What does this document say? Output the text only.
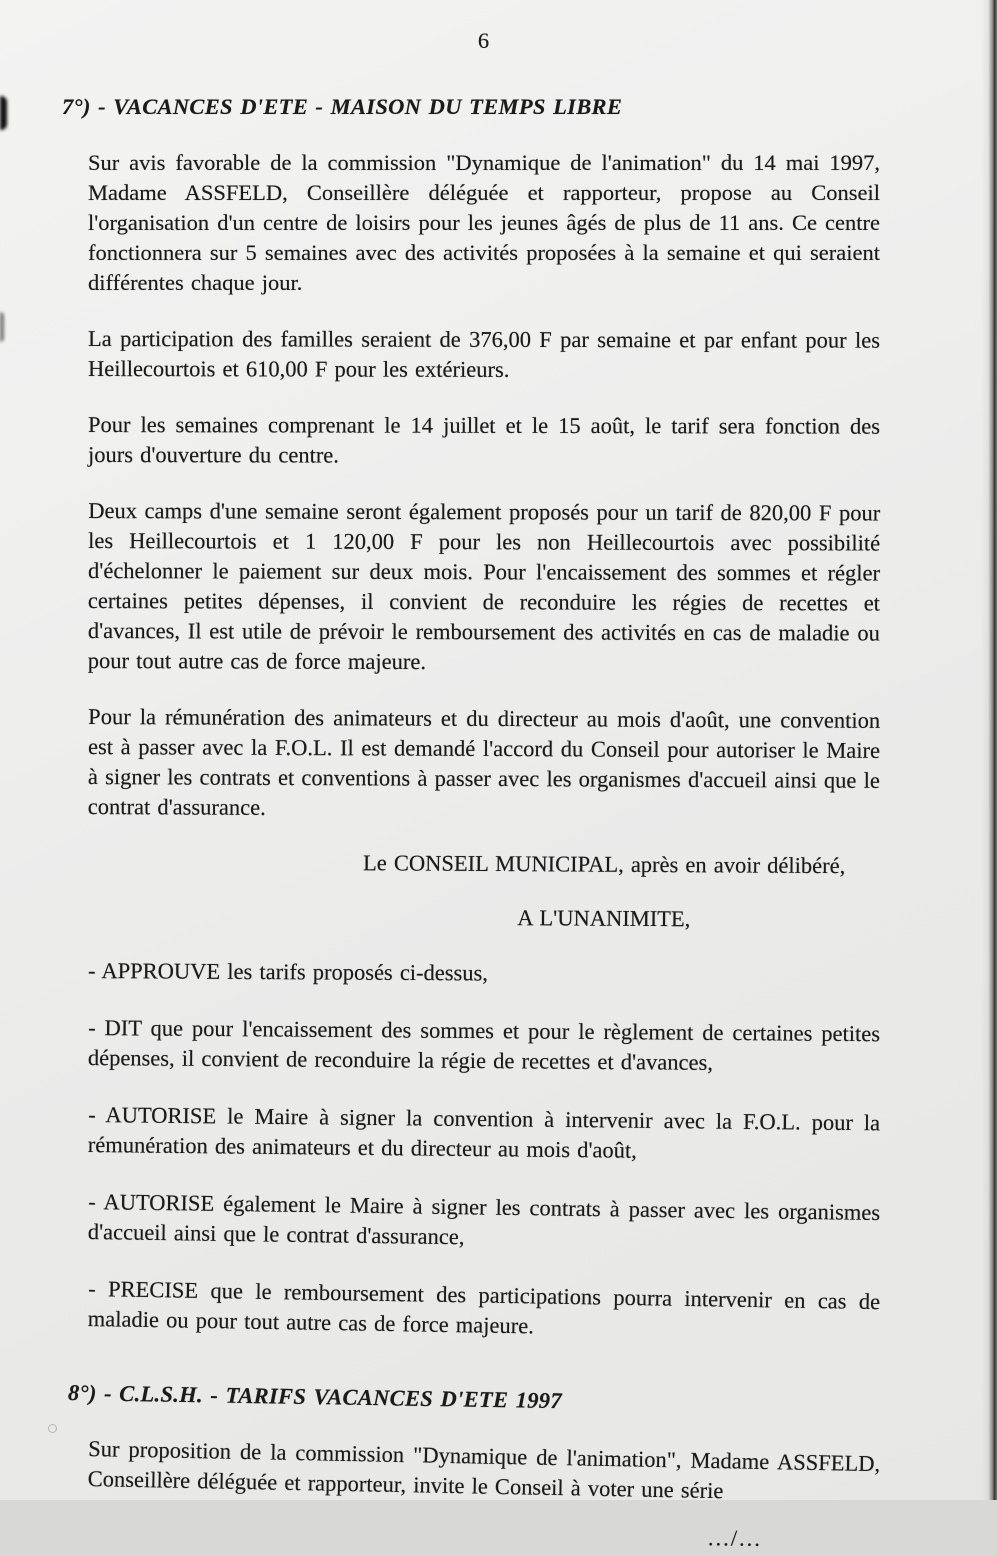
6
7°) - VACANCES D'ETE - MAISON DU TEMPS LIBRE
Sur avis favorable de la commission "Dynamique de l'animation" du 14 mai 1997, Madame ASSFELD, Conseillère déléguée et rapporteur, propose au Conseil l'organisation d'un centre de loisirs pour les jeunes âgés de plus de 11 ans. Ce centre fonctionnera sur 5 semaines avec des activités proposées à la semaine et qui seraient différentes chaque jour.
La participation des familles seraient de 376,00 F par semaine et par enfant pour les Heillecourtois et 610,00 F pour les extérieurs.
Pour les semaines comprenant le 14 juillet et le 15 août, le tarif sera fonction des jours d'ouverture du centre.
Deux camps d'une semaine seront également proposés pour un tarif de 820,00 F pour les Heillecourtois et 1 120,00 F pour les non Heillecourtois avec possibilité d'échelonner le paiement sur deux mois. Pour l'encaissement des sommes et régler certaines petites dépenses, il convient de reconduire les régies de recettes et d'avances, Il est utile de prévoir le remboursement des activités en cas de maladie ou pour tout autre cas de force majeure.
Pour la rémunération des animateurs et du directeur au mois d'août, une convention est à passer avec la F.O.L. Il est demandé l'accord du Conseil pour autoriser le Maire à signer les contrats et conventions à passer avec les organismes d'accueil ainsi que le contrat d'assurance.
Le CONSEIL MUNICIPAL, après en avoir délibéré,
A L'UNANIMITE,
- APPROUVE les tarifs proposés ci-dessus,
- DIT que pour l'encaissement des sommes et pour le règlement de certaines petites dépenses, il convient de reconduire la régie de recettes et d'avances,
- AUTORISE le Maire à signer la convention à intervenir avec la F.O.L. pour la rémunération des animateurs et du directeur au mois d'août,
- AUTORISE également le Maire à signer les contrats à passer avec les organismes d'accueil ainsi que le contrat d'assurance,
- PRECISE que le remboursement des participations pourra intervenir en cas de maladie ou pour tout autre cas de force majeure.
8°) - C.L.S.H. - TARIFS VACANCES D'ETE 1997
Sur proposition de la commission "Dynamique de l'animation", Madame ASSFELD, Conseillère déléguée et rapporteur, invite le Conseil à voter une série
.../...
